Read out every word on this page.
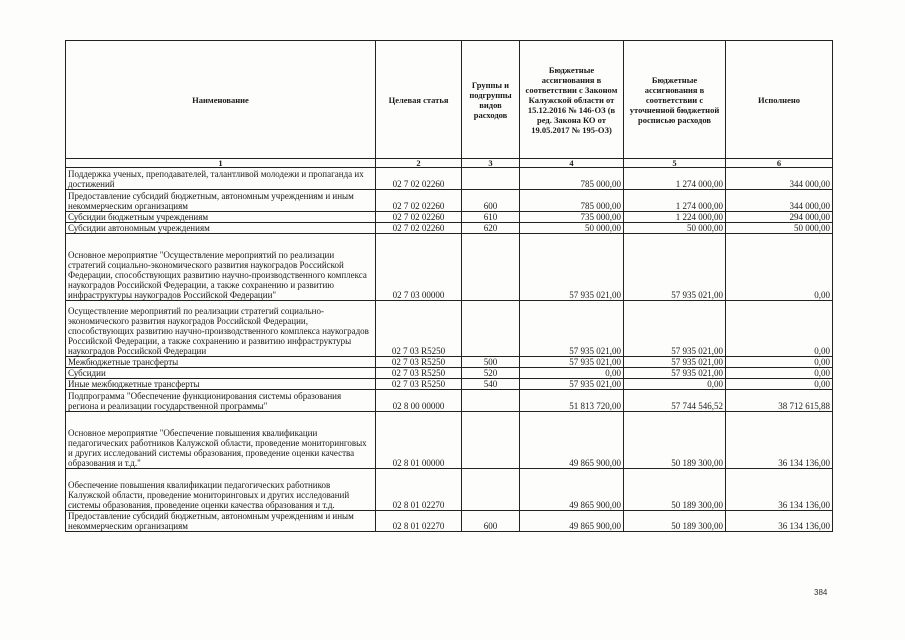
Наименование	Целевая статья	Группы и подгруппы видов расходов	Бюджетные ассигнования в соответствии с Законом Калужской области от 15.12.2016 № 146-ОЗ (в ред. Закона КО от 19.05.2017 № 195-ОЗ)	Бюджетные ассигнования в соответствии с уточненной бюджетной росписью расходов	Исполнено
1	2	3	4	5	6
Поддержка ученых, преподавателей, талантливой молодежи и пропаганда их достижений	02 7 02 02260		785 000,00	1 274 000,00	344 000,00
Предоставление субсидий бюджетным, автономным учреждениям и иным некоммерческим организациям	02 7 02 02260	600	785 000,00	1 274 000,00	344 000,00
Субсидии бюджетным учреждениям	02 7 02 02260	610	735 000,00	1 224 000,00	294 000,00
Субсидии автономным учреждениям	02 7 02 02260	620	50 000,00	50 000,00	50 000,00
Основное мероприятие "Осуществление мероприятий по реализации стратегий социально-экономического развития наукоградов Российской Федерации, способствующих развитию научно-производственного комплекса наукоградов Российской Федерации, а также сохранению и развитию инфраструктуры наукоградов Российской Федерации"	02 7 03 00000		57 935 021,00	57 935 021,00	0,00
Осуществление мероприятий по реализации стратегий социально-экономического развития наукоградов Российской Федерации, способствующих развитию научно-производственного комплекса наукоградов Российской Федерации, а также сохранению и развитию инфраструктуры наукоградов Российской Федерации	02 7 03 R5250		57 935 021,00	57 935 021,00	0,00
Межбюджетные трансферты	02 7 03 R5250	500	57 935 021,00	57 935 021,00	0,00
Субсидии	02 7 03 R5250	520	0,00	57 935 021,00	0,00
Иные межбюджетные трансферты	02 7 03 R5250	540	57 935 021,00	0,00	0,00
Подпрограмма "Обеспечение функционирования системы образования региона и реализации государственной программы"	02 8 00 00000		51 813 720,00	57 744 546,52	38 712 615,88
Основное мероприятие "Обеспечение повышения квалификации педагогических работников Калужской области, проведение мониторинговых и других исследований системы образования, проведение оценки качества образования и т.д."	02 8 01 00000		49 865 900,00	50 189 300,00	36 134 136,00
Обеспечение повышения квалификации педагогических работников Калужской области, проведение мониторинговых и других исследований системы образования, проведение оценки качества образования и т.д.	02 8 01 02270		49 865 900,00	50 189 300,00	36 134 136,00
Предоставление субсидий бюджетным, автономным учреждениям и иным некоммерческим организациям	02 8 01 02270	600	49 865 900,00	50 189 300,00	36 134 136,00
384
